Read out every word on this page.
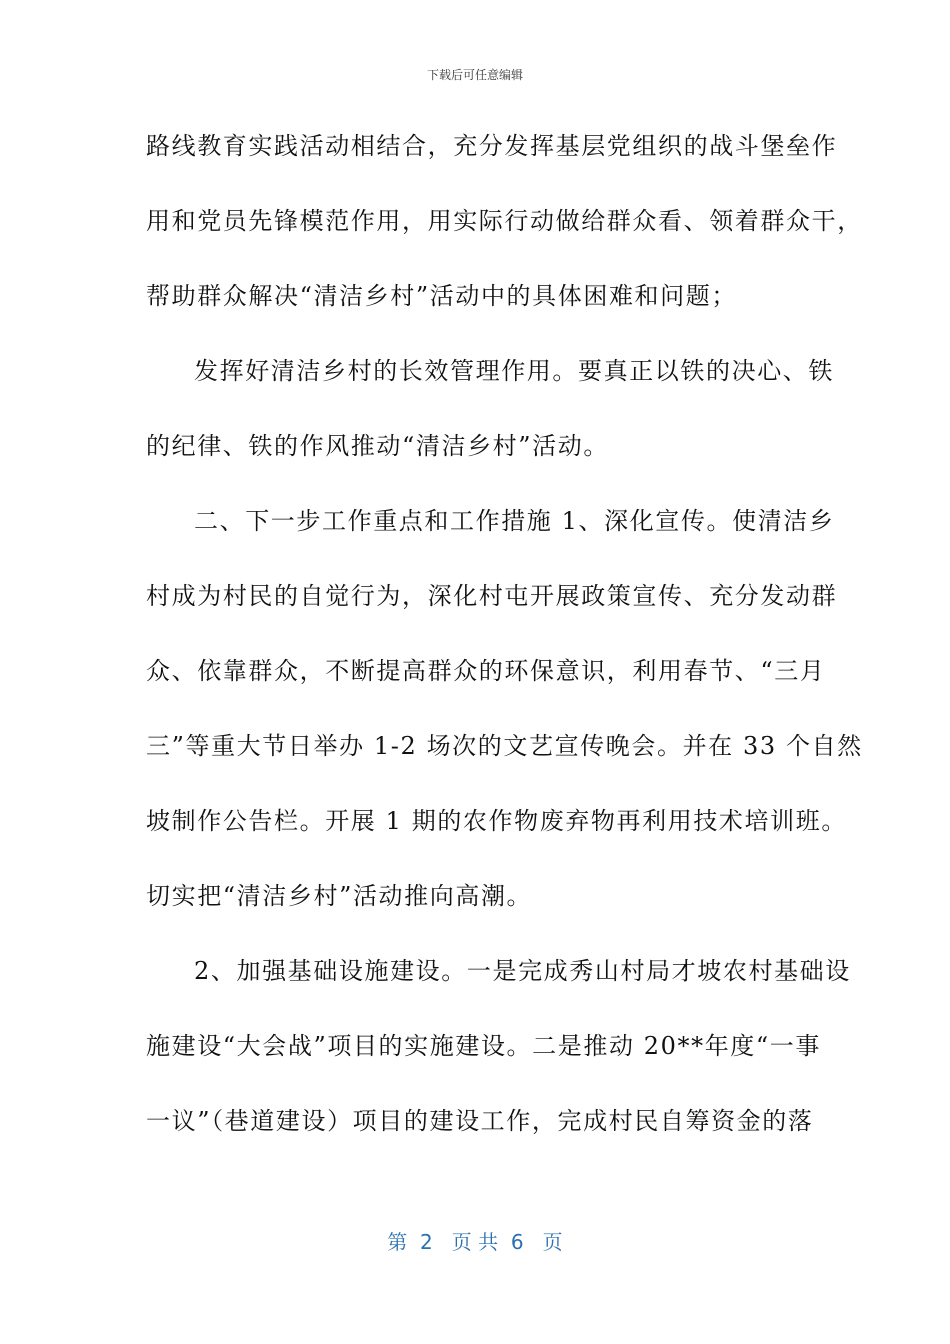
下载后可任意编辑
路线教育实践活动相结合，充分发挥基层党组织的战斗堡垒作
用和党员先锋模范作用，用实际行动做给群众看、领着群众干，
帮助群众解决“清洁乡村”活动中的具体困难和问题；
发挥好清洁乡村的长效管理作用。要真正以铁的决心、铁
的纪律、铁的作风推动“清洁乡村”活动。
二、下一步工作重点和工作措施 1、深化宣传。使清洁乡
村成为村民的自觉行为，深化村屯开展政策宣传、充分发动群
众、依靠群众，不断提高群众的环保意识，利用春节、“三月
三”等重大节日举办 1-2 场次的文艺宣传晚会。并在 33 个自然
坡制作公告栏。开展 1 期的农作物废弃物再利用技术培训班。
切实把“清洁乡村”活动推向高潮。
2、加强基础设施建设。一是完成秀山村局才坡农村基础设
施建设“大会战”项目的实施建设。二是推动 20**年度“一事
一议”（巷道建设）项目的建设工作，完成村民自筹资金的落
第  2   页 共  6   页
